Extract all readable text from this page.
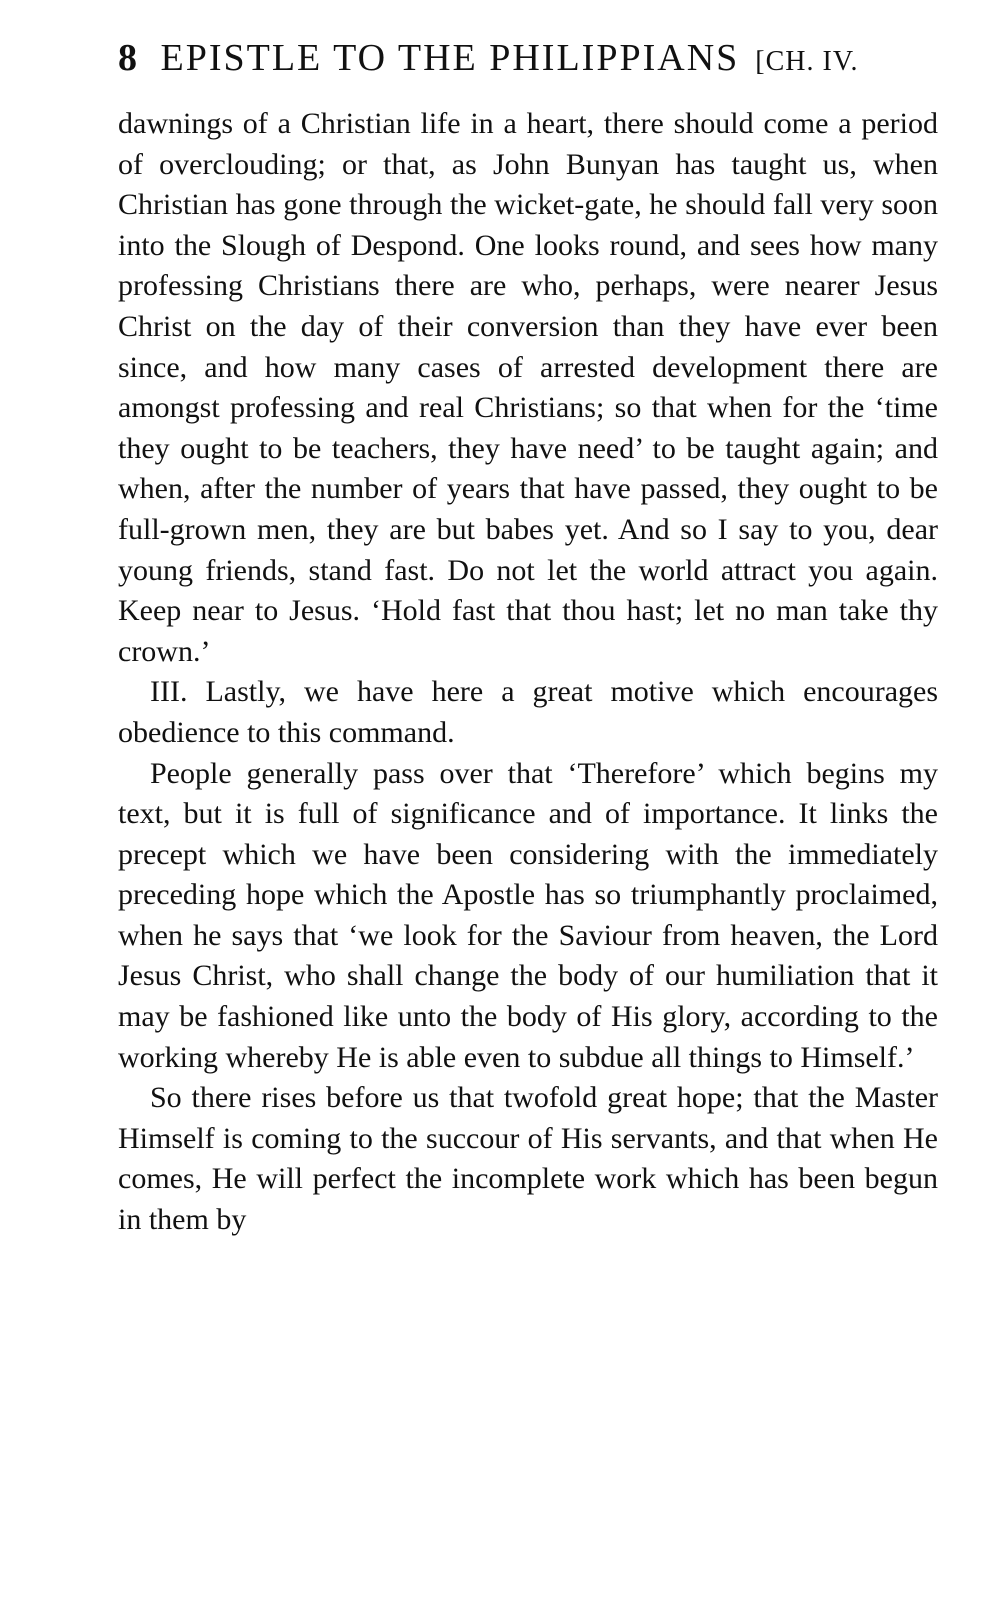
8 EPISTLE TO THE PHILIPPIANS [CH. IV.

dawnings of a Christian life in a heart, there should come a period of overclouding; or that, as John Bunyan has taught us, when Christian has gone through the wicket-gate, he should fall very soon into the Slough of Despond. One looks round, and sees how many professing Christians there are who, perhaps, were nearer Jesus Christ on the day of their conversion than they have ever been since, and how many cases of arrested development there are amongst professing and real Christians; so that when for the ‘time they ought to be teachers, they have need’ to be taught again; and when, after the number of years that have passed, they ought to be full-grown men, they are but babes yet. And so I say to you, dear young friends, stand fast. Do not let the world attract you again. Keep near to Jesus. ‘Hold fast that thou hast; let no man take thy crown.’

III. Lastly, we have here a great motive which encourages obedience to this command.

People generally pass over that ‘Therefore’ which begins my text, but it is full of significance and of importance. It links the precept which we have been considering with the immediately preceding hope which the Apostle has so triumphantly proclaimed, when he says that ‘we look for the Saviour from heaven, the Lord Jesus Christ, who shall change the body of our humiliation that it may be fashioned like unto the body of His glory, according to the working whereby He is able even to subdue all things to Himself.’

So there rises before us that twofold great hope; that the Master Himself is coming to the succour of His servants, and that when He comes, He will perfect the incomplete work which has been begun in them by
